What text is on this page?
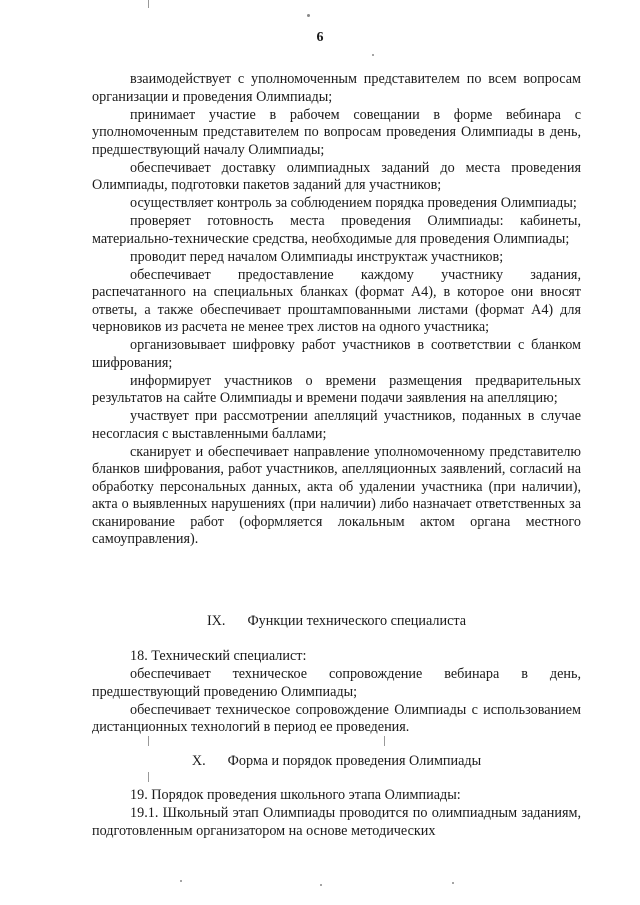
6

взаимодействует с уполномоченным представителем по всем вопросам организации и проведения Олимпиады;

принимает участие в рабочем совещании в форме вебинара с уполномоченным представителем по вопросам проведения Олимпиады в день, предшествующий началу Олимпиады;

обеспечивает доставку олимпиадных заданий до места проведения Олимпиады, подготовки пакетов заданий для участников;

осуществляет контроль за соблюдением порядка проведения Олимпиады;

проверяет готовность места проведения Олимпиады: кабинеты, материально-технические средства, необходимые для проведения Олимпиады;

проводит перед началом Олимпиады инструктаж участников;

обеспечивает предоставление каждому участнику задания, распечатанного на специальных бланках (формат А4), в которое они вносят ответы, а также обеспечивает проштампованными листами (формат А4) для черновиков из расчета не менее трех листов на одного участника;

организовывает шифровку работ участников в соответствии с бланком шифрования;

информирует участников о времени размещения предварительных результатов на сайте Олимпиады и времени подачи заявления на апелляцию;

участвует при рассмотрении апелляций участников, поданных в случае несогласия с выставленными баллами;

сканирует и обеспечивает направление уполномоченному представителю бланков шифрования, работ участников, апелляционных заявлений, согласий на обработку персональных данных, акта об удалении участника (при наличии), акта о выявленных нарушениях (при наличии) либо назначает ответственных за сканирование работ (оформляется локальным актом органа местного самоуправления).

IX. Функции технического специалиста

18. Технический специалист:

обеспечивает техническое сопровождение вебинара в день, предшествующий проведению Олимпиады;

обеспечивает техническое сопровождение Олимпиады с использованием дистанционных технологий в период ее проведения.

X. Форма и порядок проведения Олимпиады

19. Порядок проведения школьного этапа Олимпиады:

19.1. Школьный этап Олимпиады проводится по олимпиадным заданиям, подготовленным организатором на основе методических
